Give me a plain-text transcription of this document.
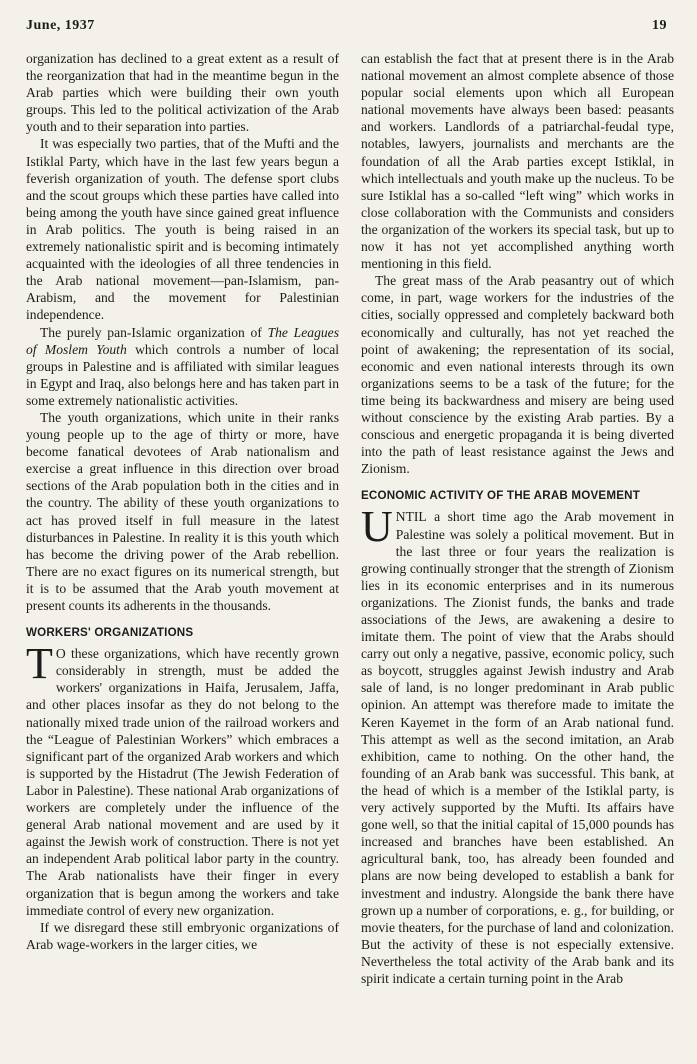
June, 1937	19

organization has declined to a great extent as a result of the reorganization that had in the meantime begun in the Arab parties which were building their own youth groups. This led to the political activization of the Arab youth and to their separation into parties.

It was especially two parties, that of the Mufti and the Istiklal Party, which have in the last few years begun a feverish organization of youth. The defense sport clubs and the scout groups which these parties have called into being among the youth have since gained great influence in Arab politics. The youth is being raised in an extremely nationalistic spirit and is becoming intimately acquainted with the ideologies of all three tendencies in the Arab national movement—pan-Islamism, pan-Arabism, and the movement for Palestinian independence.

The purely pan-Islamic organization of The Leagues of Moslem Youth which controls a number of local groups in Palestine and is affiliated with similar leagues in Egypt and Iraq, also belongs here and has taken part in some extremely nationalistic activities.

The youth organizations, which unite in their ranks young people up to the age of thirty or more, have become fanatical devotees of Arab nationalism and exercise a great influence in this direction over broad sections of the Arab population both in the cities and in the country. The ability of these youth organizations to act has proved itself in full measure in the latest disturbances in Palestine. In reality it is this youth which has become the driving power of the Arab rebellion. There are no exact figures on its numerical strength, but it is to be assumed that the Arab youth movement at present counts its adherents in the thousands.

WORKERS' ORGANIZATIONS

T O these organizations, which have recently grown considerably in strength, must be added the workers' organizations in Haifa, Jerusalem, Jaffa, and other places insofar as they do not belong to the nationally mixed trade union of the railroad workers and the “League of Palestinian Workers” which embraces a significant part of the organized Arab workers and which is supported by the Histadrut (The Jewish Federation of Labor in Palestine). These national Arab organizations of workers are completely under the influence of the general Arab national movement and are used by it against the Jewish work of construction. There is not yet an independent Arab political labor party in the country. The Arab nationalists have their finger in every organization that is begun among the workers and take immediate control of every new organization.

If we disregard these still embryonic organizations of Arab wage-workers in the larger cities, we

can establish the fact that at present there is in the Arab national movement an almost complete absence of those popular social elements upon which all European national movements have always been based: peasants and workers. Landlords of a patriarchal-feudal type, notables, lawyers, journalists and merchants are the foundation of all the Arab parties except Istiklal, in which intellectuals and youth make up the nucleus. To be sure Istiklal has a so-called “left wing” which works in close collaboration with the Communists and considers the organization of the workers its special task, but up to now it has not yet accomplished anything worth mentioning in this field.

The great mass of the Arab peasantry out of which come, in part, wage workers for the industries of the cities, socially oppressed and completely backward both economically and culturally, has not yet reached the point of awakening; the representation of its social, economic and even national interests through its own organizations seems to be a task of the future; for the time being its backwardness and misery are being used without conscience by the existing Arab parties. By a conscious and energetic propaganda it is being diverted into the path of least resistance against the Jews and Zionism.

ECONOMIC ACTIVITY OF THE ARAB MOVEMENT

UNTIL a short time ago the Arab movement in Palestine was solely a political movement. But in the last three or four years the realization is growing continually stronger that the strength of Zionism lies in its economic enterprises and in its numerous organizations. The Zionist funds, the banks and trade associations of the Jews, are awakening a desire to imitate them. The point of view that the Arabs should carry out only a negative, passive, economic policy, such as boycott, struggles against Jewish industry and Arab sale of land, is no longer predominant in Arab public opinion. An attempt was therefore made to imitate the Keren Kayemet in the form of an Arab national fund. This attempt as well as the second imitation, an Arab exhibition, came to nothing. On the other hand, the founding of an Arab bank was successful. This bank, at the head of which is a member of the Istiklal party, is very actively supported by the Mufti. Its affairs have gone well, so that the initial capital of 15,000 pounds has increased and branches have been established. An agricultural bank, too, has already been founded and plans are now being developed to establish a bank for investment and industry. Alongside the bank there have grown up a number of corporations, e. g., for building, or movie theaters, for the purchase of land and colonization. But the activity of these is not especially extensive. Nevertheless the total activity of the Arab bank and its spirit indicate a certain turning point in the Arab
